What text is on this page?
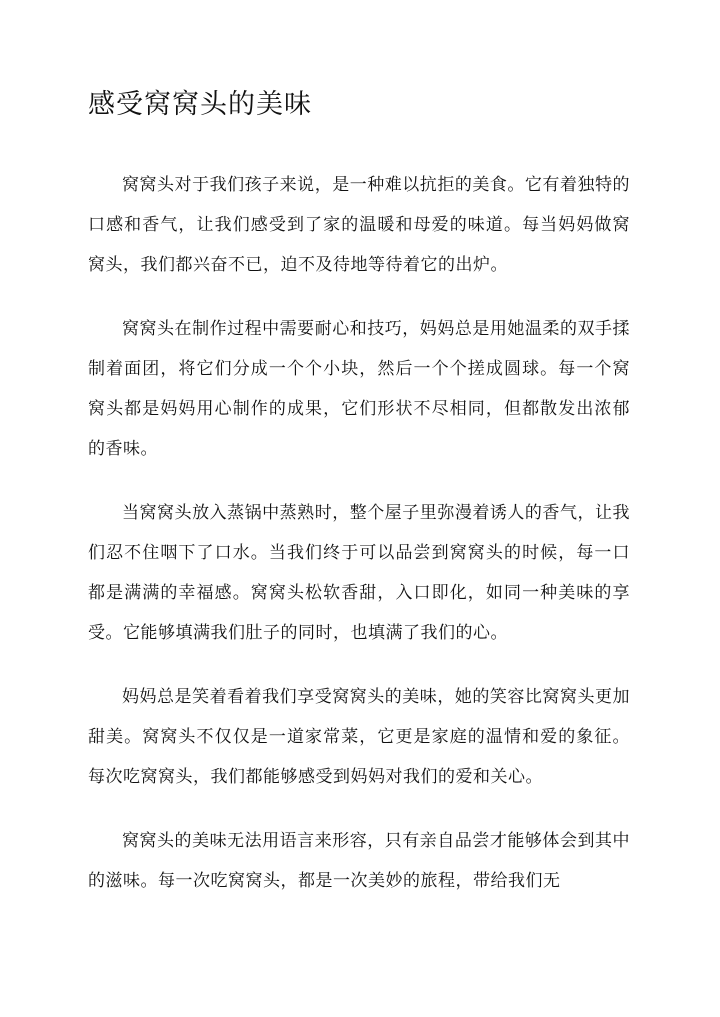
感受窝窝头的美味

窝窝头对于我们孩子来说，是一种难以抗拒的美食。它有着独特的口感和香气，让我们感受到了家的温暖和母爱的味道。每当妈妈做窝窝头，我们都兴奋不已，迫不及待地等待着它的出炉。

窝窝头在制作过程中需要耐心和技巧，妈妈总是用她温柔的双手揉制着面团，将它们分成一个个小块，然后一个个搓成圆球。每一个窝窝头都是妈妈用心制作的成果，它们形状不尽相同，但都散发出浓郁的香味。

当窝窝头放入蒸锅中蒸熟时，整个屋子里弥漫着诱人的香气，让我们忍不住咽下了口水。当我们终于可以品尝到窝窝头的时候，每一口都是满满的幸福感。窝窝头松软香甜，入口即化，如同一种美味的享受。它能够填满我们肚子的同时，也填满了我们的心。

妈妈总是笑着看着我们享受窝窝头的美味，她的笑容比窝窝头更加甜美。窝窝头不仅仅是一道家常菜，它更是家庭的温情和爱的象征。每次吃窝窝头，我们都能够感受到妈妈对我们的爱和关心。

窝窝头的美味无法用语言来形容，只有亲自品尝才能够体会到其中的滋味。每一次吃窝窝头，都是一次美妙的旅程，带给我们无
